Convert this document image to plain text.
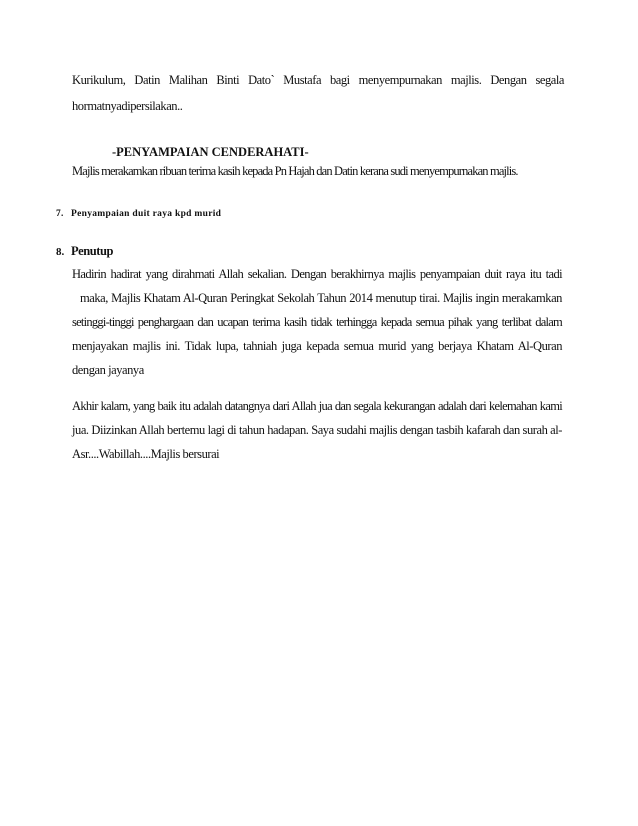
Kurikulum, Datin Malihan Binti Dato` Mustafa bagi menyempurnakan majlis. Dengan segala
hormatnyadipersilakan..
-PENYAMPAIAN CENDERAHATI-
Majlis merakamkan ribuan terima kasih kepada Pn Hajah dan Datin kerana sudi menyempurnakan majlis.
7. Penyampaian duit raya kpd murid
8. Penutup
Hadirin hadirat yang dirahmati Allah sekalian. Dengan berakhirnya majlis penyampaian duit raya itu tadi
maka, Majlis Khatam Al-Quran Peringkat Sekolah Tahun 2014 menutup tirai. Majlis ingin merakamkan
setinggi-tinggi penghargaan dan ucapan terima kasih tidak terhingga kepada semua pihak yang terlibat dalam
menjayakan majlis ini. Tidak lupa, tahniah juga kepada semua murid yang berjaya Khatam Al-Quran
dengan jayanya
Akhir kalam, yang baik itu adalah datangnya dari Allah jua dan segala kekurangan adalah dari kelemahan kami
jua. Diizinkan Allah bertemu lagi di tahun hadapan. Saya sudahi majlis dengan tasbih kafarah dan surah al-
Asr....Wabillah....Majlis bersurai
